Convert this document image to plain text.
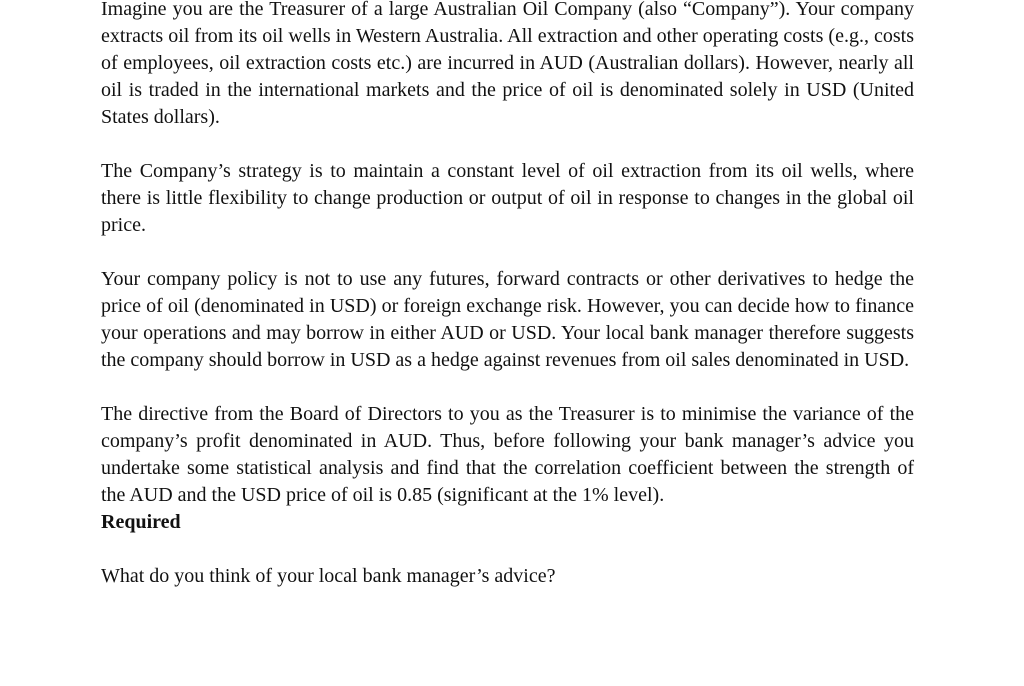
Imagine you are the Treasurer of a large Australian Oil Company (also “Company”). Your company extracts oil from its oil wells in Western Australia. All extraction and other operating costs (e.g., costs of employees, oil extraction costs etc.) are incurred in AUD (Australian dollars). However, nearly all oil is traded in the international markets and the price of oil is denominated solely in USD (United States dollars).

The Company’s strategy is to maintain a constant level of oil extraction from its oil wells, where there is little flexibility to change production or output of oil in response to changes in the global oil price.

Your company policy is not to use any futures, forward contracts or other derivatives to hedge the price of oil (denominated in USD) or foreign exchange risk. However, you can decide how to finance your operations and may borrow in either AUD or USD. Your local bank manager therefore suggests the company should borrow in USD as a hedge against revenues from oil sales denominated in USD.

The directive from the Board of Directors to you as the Treasurer is to minimise the variance of the company’s profit denominated in AUD. Thus, before following your bank manager’s advice you undertake some statistical analysis and find that the correlation coefficient between the strength of the AUD and the USD price of oil is 0.85 (significant at the 1% level).

Required

What do you think of your local bank manager’s advice?
